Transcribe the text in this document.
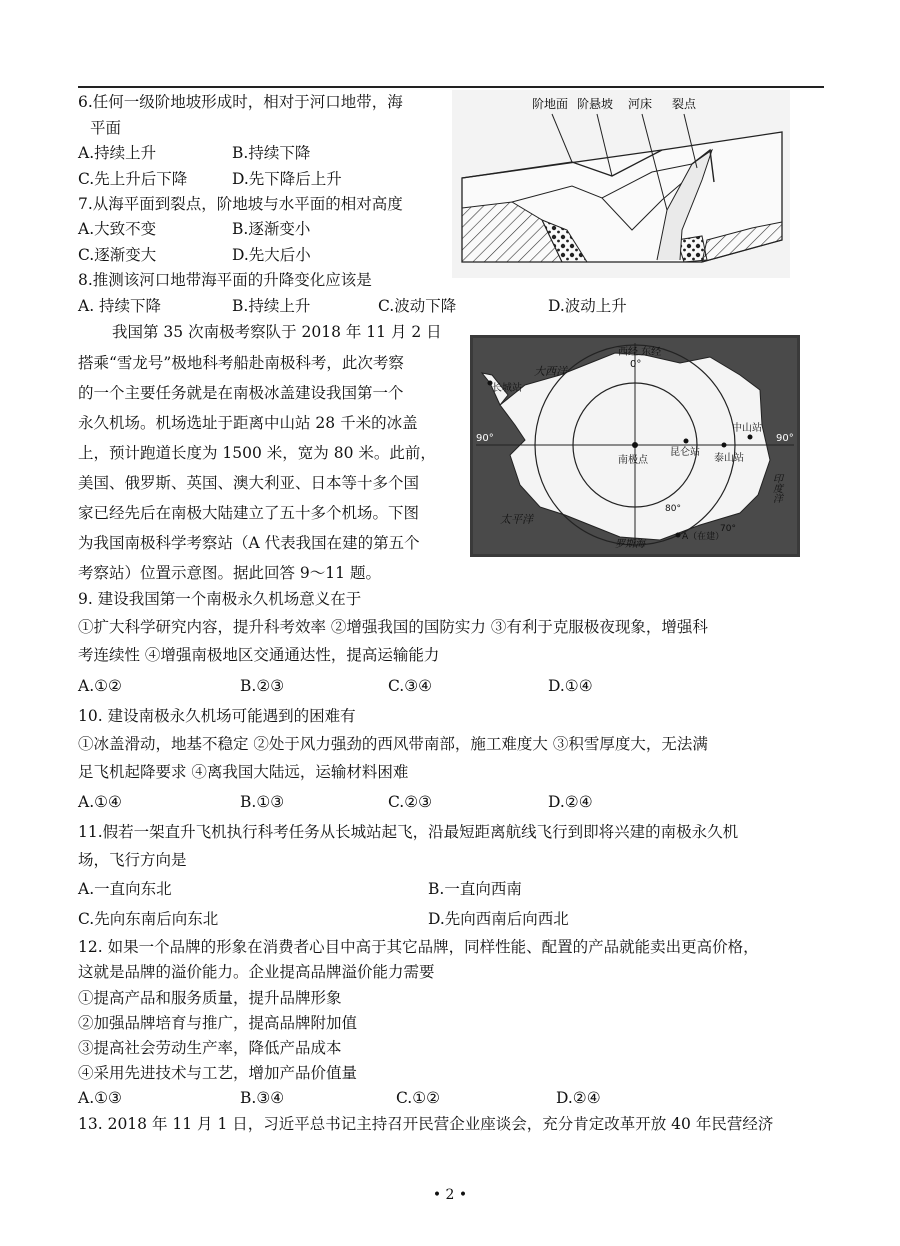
6.任何一级阶地坡形成时，相对于河口地带，海
平面
A.持续上升	B.持续下降
C.先上升后下降	D.先下降后上升
7.从海平面到裂点，阶地坡与水平面的相对高度
A.大致不变	B.逐渐变小
C.逐渐变大	D.先大后小
8.推测该河口地带海平面的升降变化应该是
A. 持续下降	B.持续上升	C.波动下降	D.波动上升
阶地面 阶悬坡 河床 裂点
我国第 35 次南极考察队于 2018 年 11 月 2 日
搭乘“雪龙号”极地科考船赴南极科考，此次考察
的一个主要任务就是在南极冰盖建设我国第一个
永久机场。机场选址于距离中山站 28 千米的冰盖
上，预计跑道长度为 1500 米，宽为 80 米。此前，
美国、俄罗斯、英国、澳大利亚、日本等十多个国
家已经先后在南极大陆建立了五十多个机场。下图
为我国南极科学考察站（A 代表我国在建的第五个
考察站）位置示意图。据此回答 9～11 题。
西经 东经
0°
90°	90°
大西洋
太平洋
印度洋
罗斯海
长城站
南极点
昆仑站
泰山站
中山站
A（在建）
80°
70°
9. 建设我国第一个南极永久机场意义在于
①扩大科学研究内容，提升科考效率 ②增强我国的国防实力 ③有利于克服极夜现象，增强科
考连续性 ④增强南极地区交通通达性，提高运输能力
A.①②	B.②③	C.③④	D.①④
10. 建设南极永久机场可能遇到的困难有
①冰盖滑动，地基不稳定 ②处于风力强劲的西风带南部，施工难度大 ③积雪厚度大，无法满
足飞机起降要求 ④离我国大陆远，运输材料困难
A.①④	B.①③	C.②③	D.②④
11.假若一架直升飞机执行科考任务从长城站起飞，沿最短距离航线飞行到即将兴建的南极永久机
场，飞行方向是
A.一直向东北	B.一直向西南
C.先向东南后向东北	D.先向西南后向西北
12. 如果一个品牌的形象在消费者心目中高于其它品牌，同样性能、配置的产品就能卖出更高价格，
这就是品牌的溢价能力。企业提高品牌溢价能力需要
①提高产品和服务质量，提升品牌形象
②加强品牌培育与推广，提高品牌附加值
③提高社会劳动生产率，降低产品成本
④采用先进技术与工艺，增加产品价值量
A.①③	B.③④	C.①②	D.②④
13. 2018 年 11 月 1 日，习近平总书记主持召开民营企业座谈会，充分肯定改革开放 40 年民营经济
• 2 •
